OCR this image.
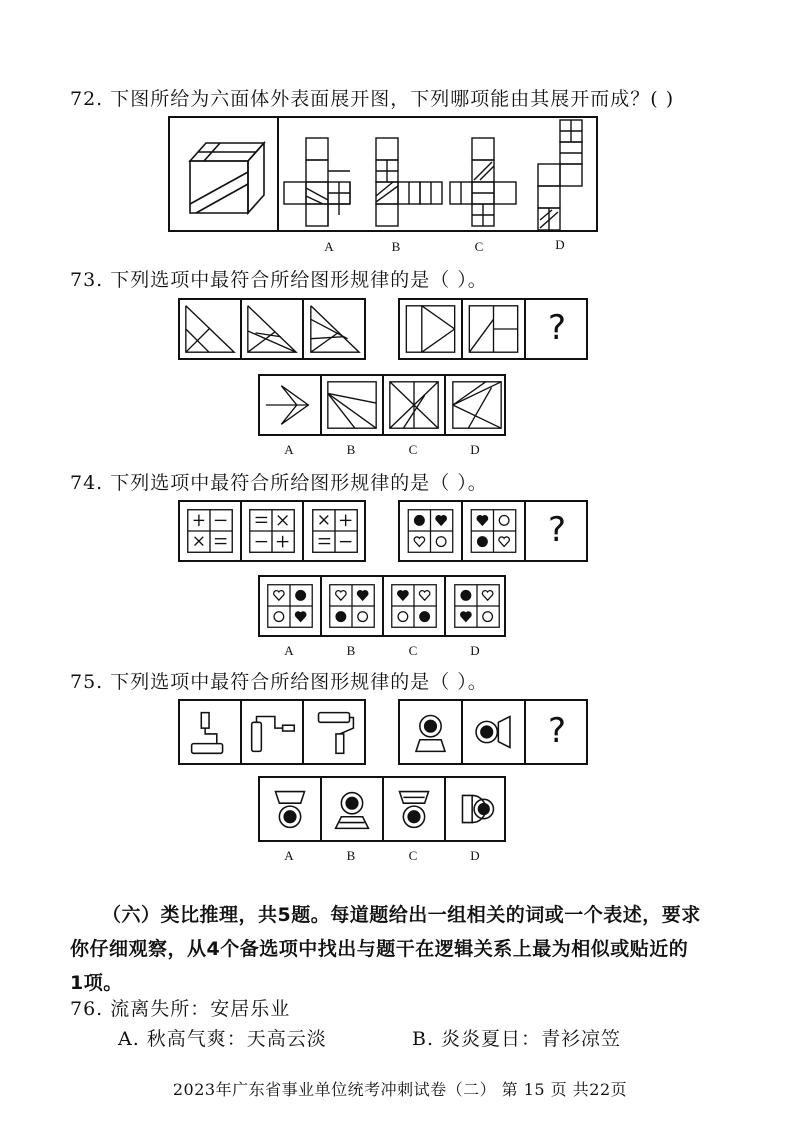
72. 下图所给为六面体外表面展开图，下列哪项能由其展开而成？( )
A	B	C	D
73. 下列选项中最符合所给图形规律的是（ ）。
?
A	B	C	D
74. 下列选项中最符合所给图形规律的是（ ）。
?
A	B	C	D
75. 下列选项中最符合所给图形规律的是（ ）。
?
A	B	C	D
（六）类比推理，共5题。每道题给出一组相关的词或一个表述，要求
你仔细观察，从4个备选项中找出与题干在逻辑关系上最为相似或贴近的
1项。
76. 流离失所：安居乐业
A. 秋高气爽：天高云淡	B. 炎炎夏日：青衫凉笠
2023年广东省事业单位统考冲刺试卷（二） 第 15 页 共22页
